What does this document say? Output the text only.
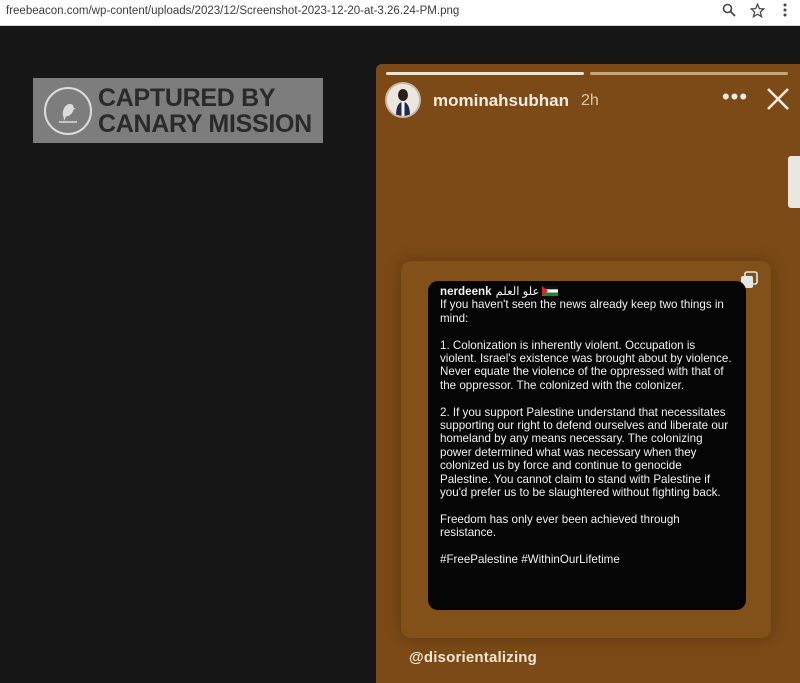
freebeacon.com/wp-content/uploads/2023/12/Screenshot-2023-12-20-at-3.26.24-PM.png
CAPTURED BY
CANARY MISSION
mominahsubhan 2h	•••
nerdeenk علو العلم

If you haven't seen the news already keep two things in mind:

1. Colonization is inherently violent. Occupation is violent. Israel's existence was brought about by violence. Never equate the violence of the oppressed with that of the oppressor. The colonized with the colonizer.

2. If you support Palestine understand that necessitates supporting our right to defend ourselves and liberate our homeland by any means necessary. The colonizing power determined what was necessary when they colonized us by force and continue to genocide Palestine. You cannot claim to stand with Palestine if you'd prefer us to be slaughtered without fighting back.

Freedom has only ever been achieved through resistance.

#FreePalestine #WithinOurLifetime

@disorientalizing
